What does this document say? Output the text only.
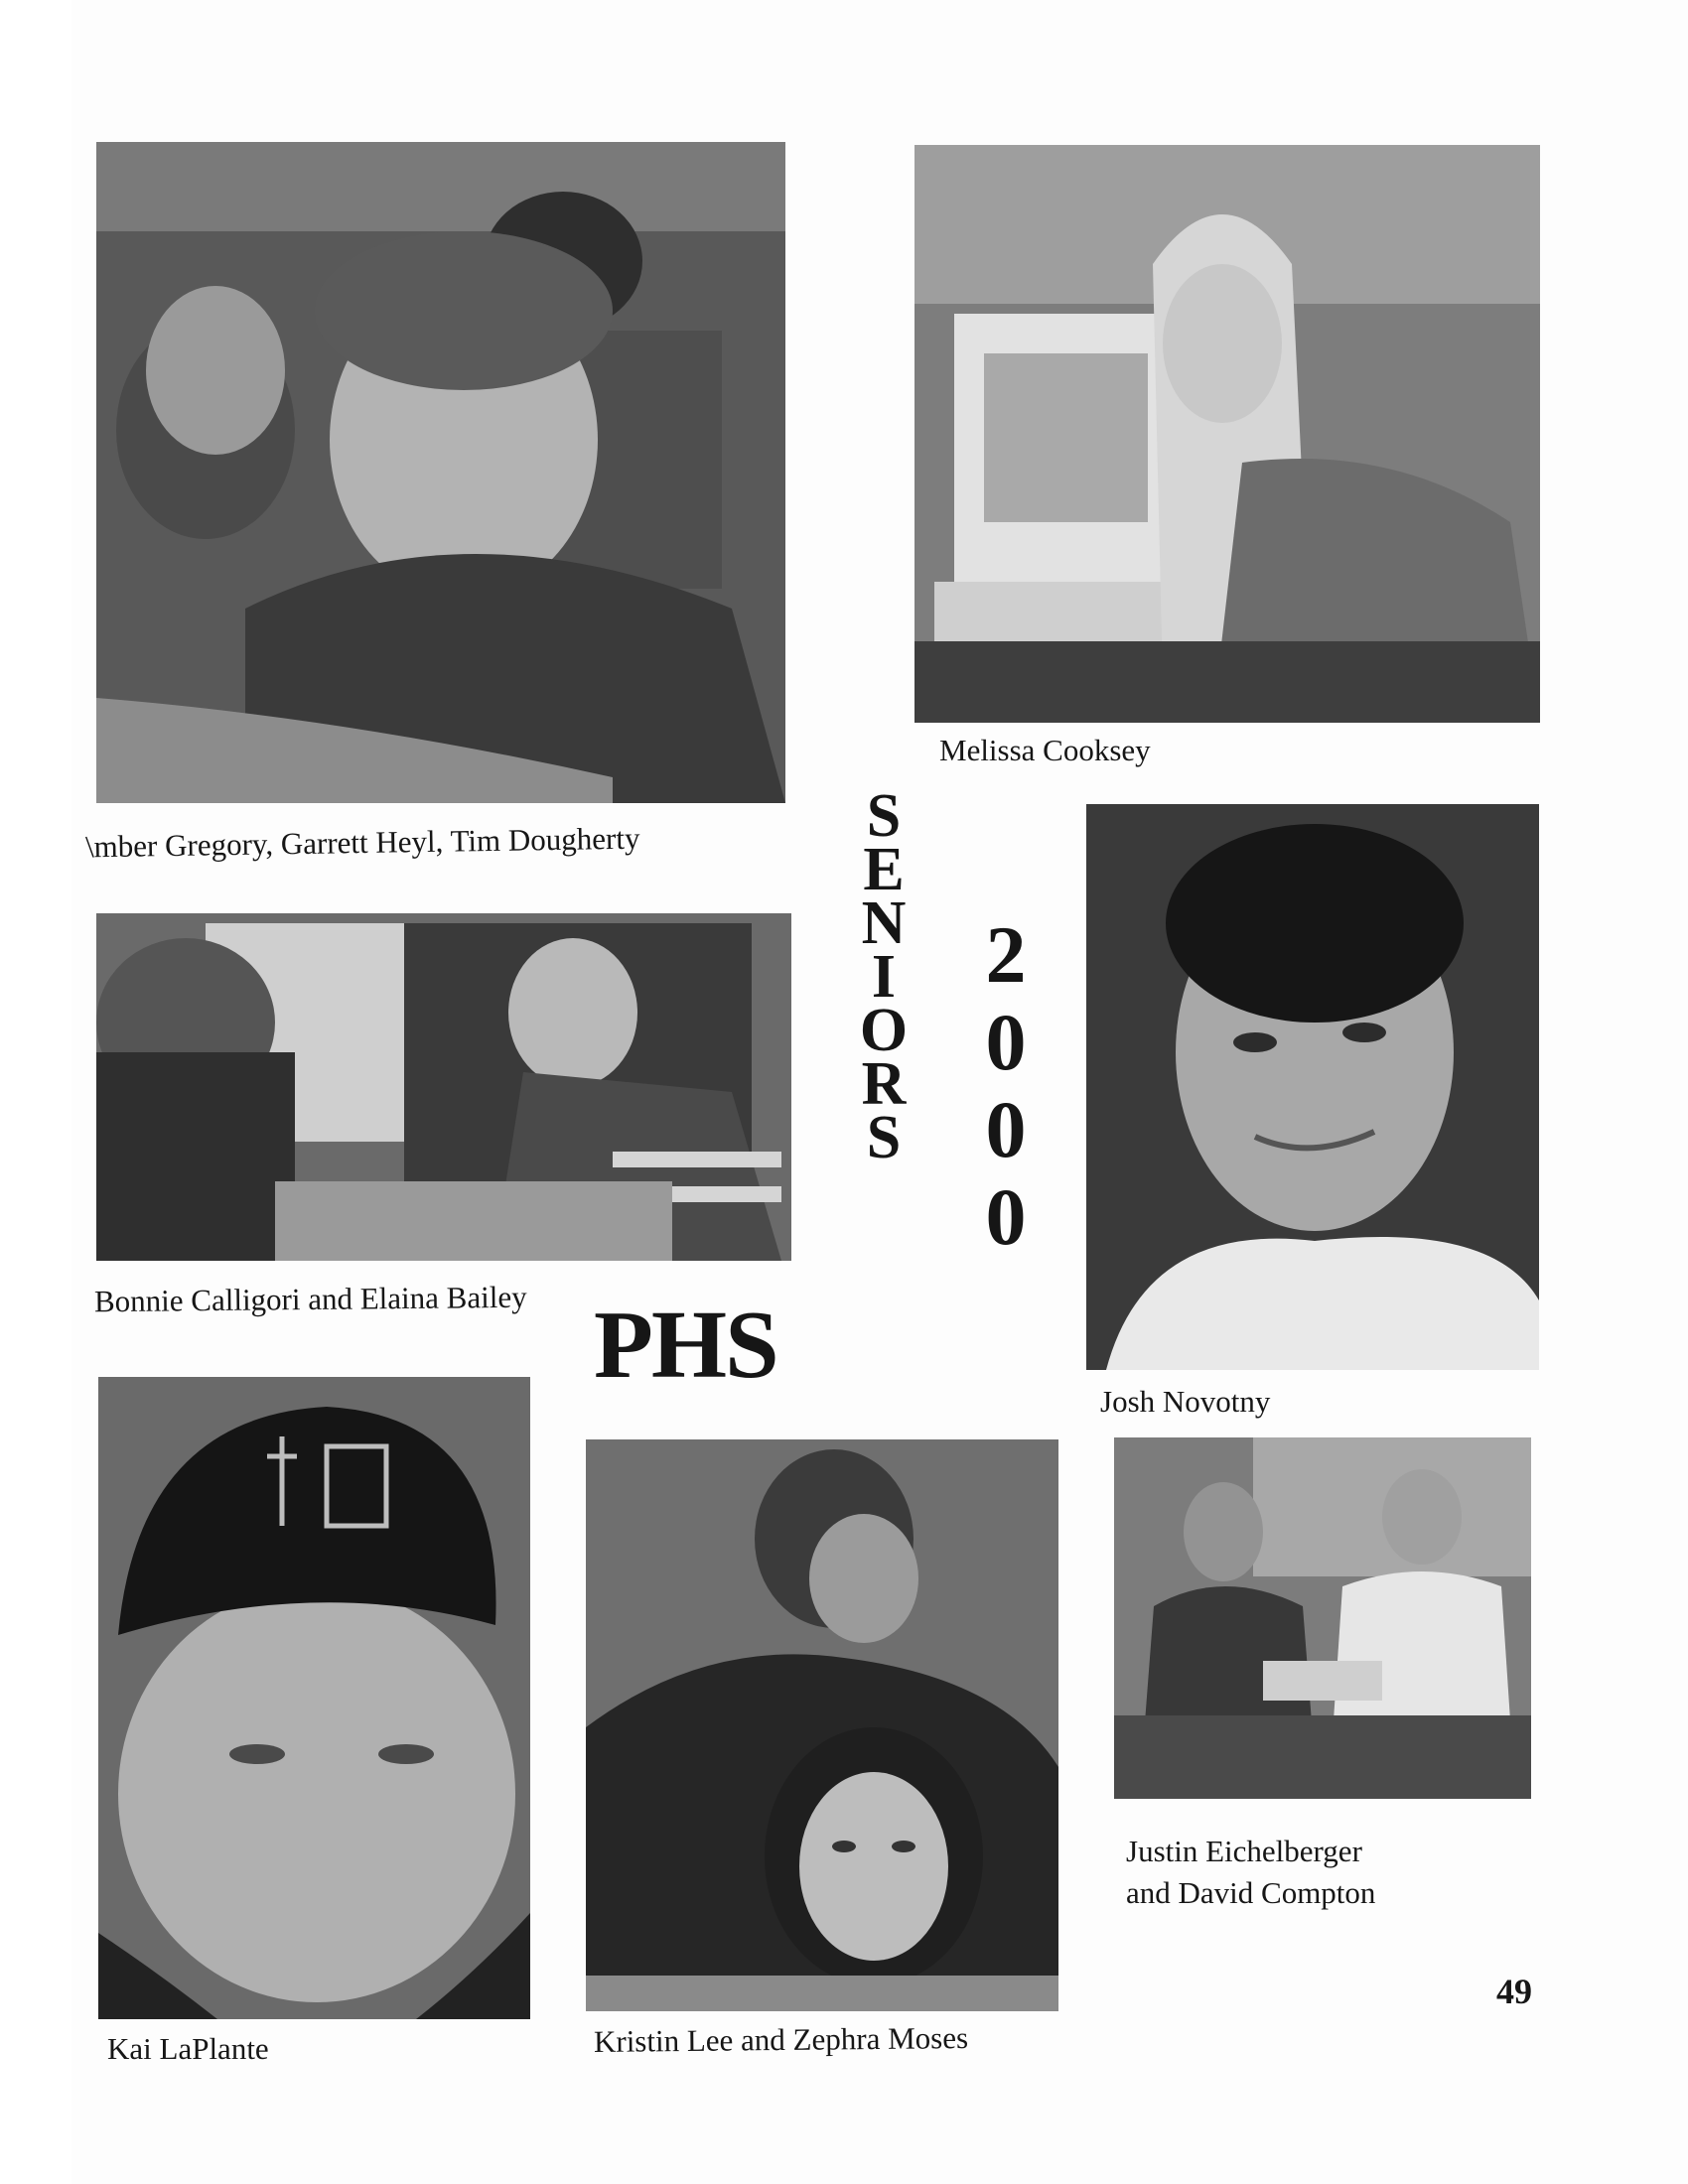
\mber Gregory, Garrett Heyl, Tim Dougherty
Melissa Cooksey
Bonnie Calligori and Elaina Bailey
Josh Novotny
Kai LaPlante	Kristin Lee and Zephra Moses
Justin Eichelberger
and David Compton
S
E
N
I
O
R
S
2
0
0
0
PHS
49
